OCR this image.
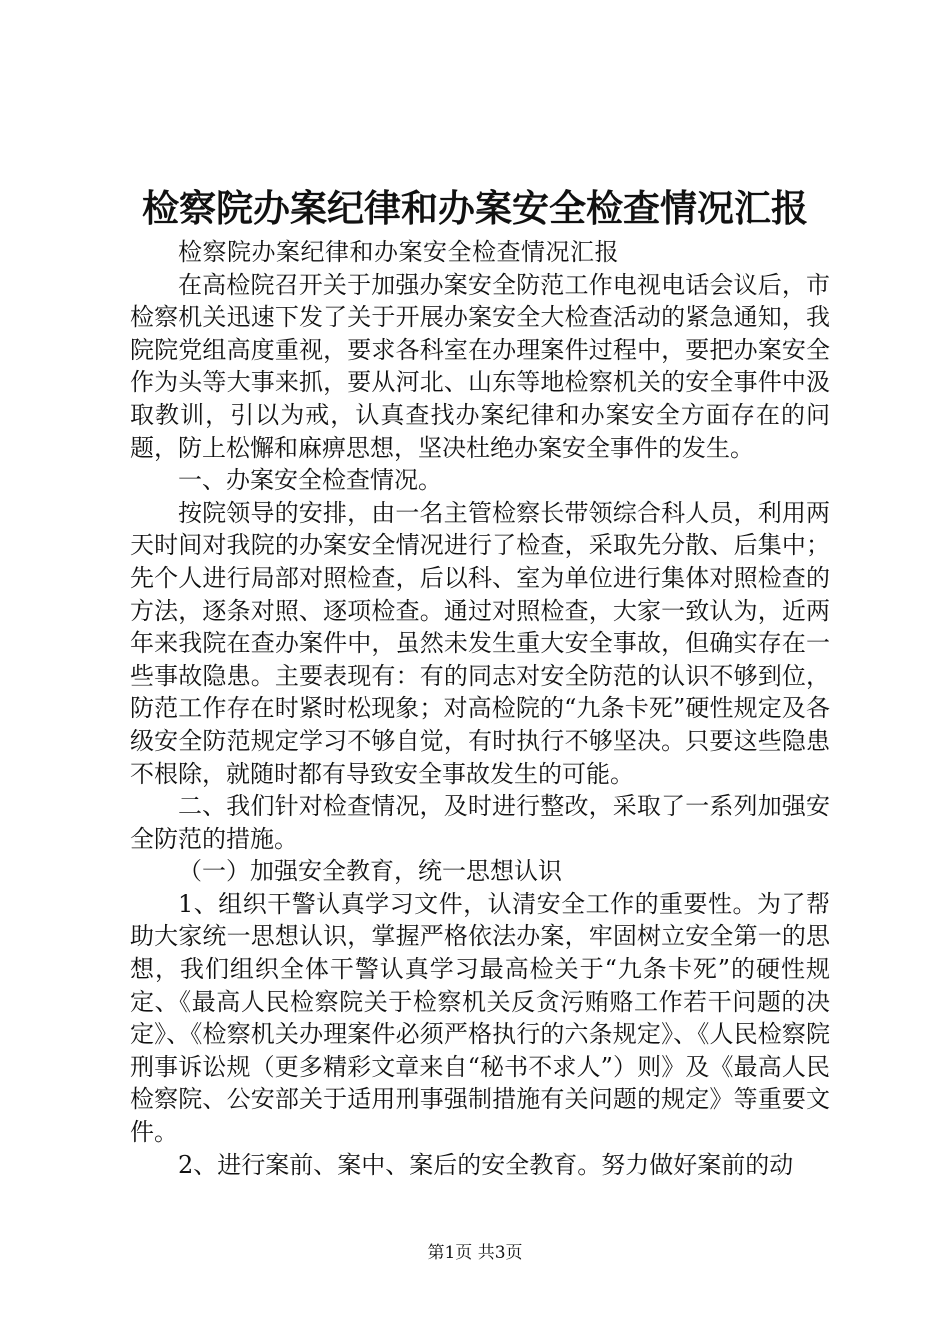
检察院办案纪律和办案安全检查情况汇报

检察院办案纪律和办案安全检查情况汇报

在高检院召开关于加强办案安全防范工作电视电话会议后，市检察机关迅速下发了关于开展办案安全大检查活动的紧急通知，我院院党组高度重视，要求各科室在办理案件过程中，要把办案安全作为头等大事来抓，要从河北、山东等地检察机关的安全事件中汲取教训，引以为戒，认真查找办案纪律和办案安全方面存在的问题，防上松懈和麻痹思想，坚决杜绝办案安全事件的发生。

一、办案安全检查情况。

按院领导的安排，由一名主管检察长带领综合科人员，利用两天时间对我院的办案安全情况进行了检查，采取先分散、后集中；先个人进行局部对照检查，后以科、室为单位进行集体对照检查的方法，逐条对照、逐项检查。通过对照检查，大家一致认为，近两年来我院在查办案件中，虽然未发生重大安全事故，但确实存在一些事故隐患。主要表现有：有的同志对安全防范的认识不够到位，防范工作存在时紧时松现象；对高检院的“九条卡死”硬性规定及各级安全防范规定学习不够自觉，有时执行不够坚决。只要这些隐患不根除，就随时都有导致安全事故发生的可能。

二、我们针对检查情况，及时进行整改，采取了一系列加强安全防范的措施。

（一）加强安全教育，统一思想认识

1、组织干警认真学习文件，认清安全工作的重要性。为了帮助大家统一思想认识，掌握严格依法办案，牢固树立安全第一的思想，我们组织全体干警认真学习最高检关于“九条卡死”的硬性规定、《最高人民检察院关于检察机关反贪污贿赂工作若干问题的决定》、《检察机关办理案件必须严格执行的六条规定》、《人民检察院刑事诉讼规（更多精彩文章来自“秘书不求人”）则》及《最高人民检察院、公安部关于适用刑事强制措施有关问题的规定》等重要文件。

2、进行案前、案中、案后的安全教育。努力做好案前的动

第1页 共3页
